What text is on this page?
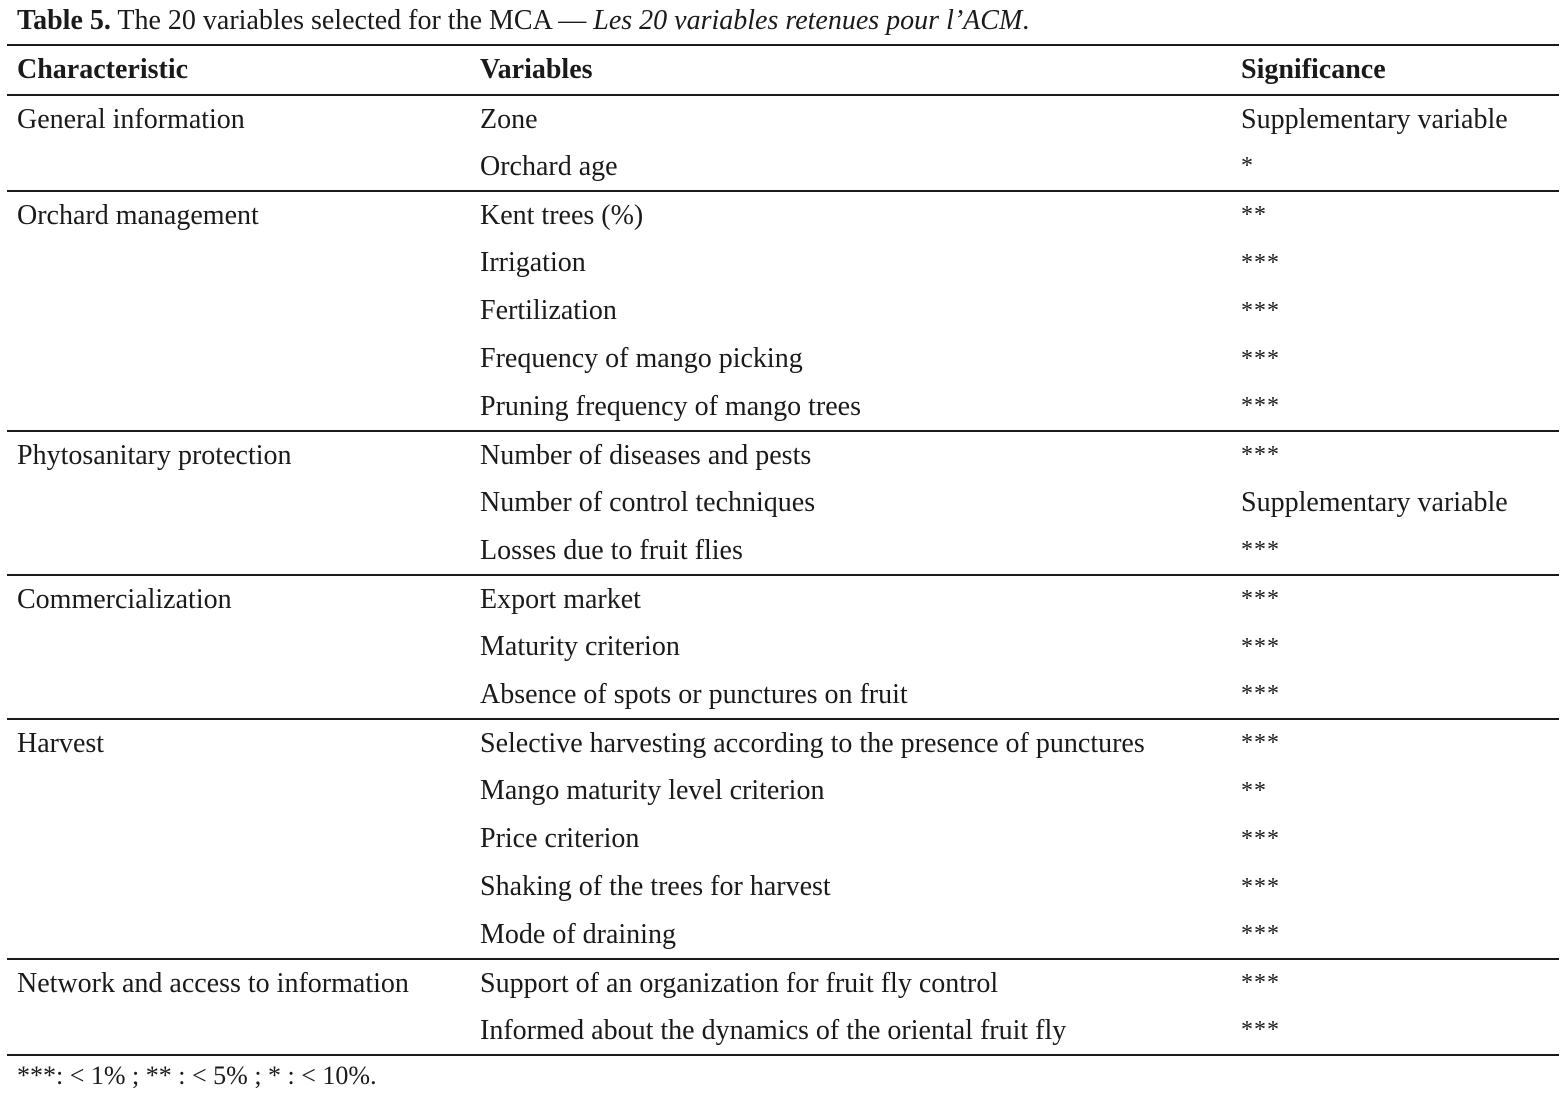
Table 5. The 20 variables selected for the MCA — Les 20 variables retenues pour l’ACM.
Characteristic	Variables	Significance
General information	Zone	Supplementary variable
	Orchard age	*
Orchard management	Kent trees (%)	**
	Irrigation	***
	Fertilization	***
	Frequency of mango picking	***
	Pruning frequency of mango trees	***
Phytosanitary protection	Number of diseases and pests	***
	Number of control techniques	Supplementary variable
	Losses due to fruit flies	***
Commercialization	Export market	***
	Maturity criterion	***
	Absence of spots or punctures on fruit	***
Harvest	Selective harvesting according to the presence of punctures	***
	Mango maturity level criterion	**
	Price criterion	***
	Shaking of the trees for harvest	***
	Mode of draining	***
Network and access to information	Support of an organization for fruit fly control	***
	Informed about the dynamics of the oriental fruit fly	***
***: < 1% ; ** : < 5% ; * : < 10%.
